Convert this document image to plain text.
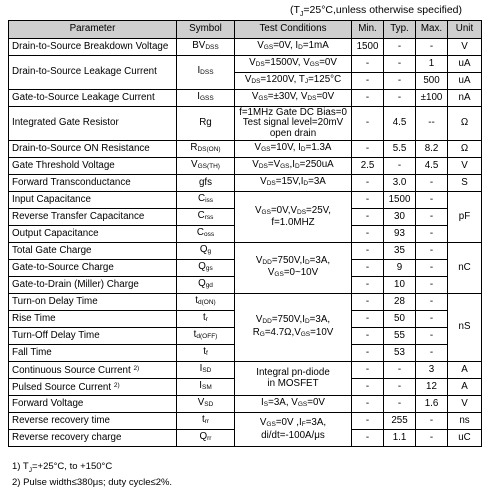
($T_J=25^\circ C,unless$ otherwise specified)
Parameter	Symbol	Test Conditions	Min.	Typ.	Max.	Unit
Drain-to-Source Breakdown Voltage	$BV_{DSS}$	$V_{GS}=0V$, $I_D=1mA$	1500	-	-	V
Drain-to-Source Leakage Current	$I_{DSS}$	$V_{DS}=1500V$, $V_{GS}=0V$	-	-	1	uA
		$V_{DS}=1200V$, $T_J=125^\circ C$	-	-	500	uA
Gate-to-Source Leakage Current	$I_{GSS}$	$V_{GS}=\pm 30V$, $V_{DS}=0V$	-	-	±100	nA
Integrated Gate Resistor	Rg	f=1MHz Gate DC Bias=0
Test signal level=20mV
open drain	-	4.5	--	Ω
Drain-to-Source ON Resistance	$R_{DS(ON)}$	$V_{GS}=10V$, $I_D=1.3A$	-	5.5	8.2	Ω
Gate Threshold Voltage	$V_{GS(TH)}$	$V_{DS}=V_{GS},I_D=250uA$	2.5	-	4.5	V
Forward Transconductance	gfs	$V_{DS}=15V,I_D=3A$	-	3.0	-	S
Input Capacitance	$C_{iss}$	$V_{GS}=0V,V_{DS}=25V$,
f=1.0MHZ	-	1500	-	pF
Reverse Transfer Capacitance	$C_{rss}$		-	30	-	
Output Capacitance	$C_{oss}$		-	93	-	
Total Gate Charge	$Q_g$	$V_{DD}=750V,I_D=3A$,
$V_{GS}=0\sim 10V$	-	35	-	nC
Gate-to-Source Charge	$Q_{gs}$		-	9	-	
Gate-to-Drain (Miller) Charge	$Q_{gd}$		-	10	-	
Turn-on Delay Time	$t_{d(ON)}$	$V_{DD}=750V,I_D=3A$,
$R_G=4.7\Omega,V_{GS}=10V$	-	28	-	nS
Rise Time	$t_r$		-	50	-	
Turn-Off Delay Time	$t_{d(OFF)}$		-	55	-	
Fall Time	$t_f$		-	53	-	
Continuous Source Current $^{2)}$	$I_{SD}$	Integral pn-diode
in MOSFET	-	-	3	A
Pulsed Source Current $^{2)}$	$I_{SM}$		-	-	12	A
Forward Voltage	$V_{SD}$	$I_S=3A$, $V_{GS}=0V$	-	-	1.6	V
Reverse recovery time	$t_{rr}$	$V_{GS}=0V$ $,I_F=3A$,
di/dt=-100A/μs	-	255	-	ns
Reverse recovery charge	$Q_{rr}$		-	1.1	-	uC
1) $T_J=+25^\circ C$, to +150°C
2) Pulse width≤380μs; duty cycle≤2%.
